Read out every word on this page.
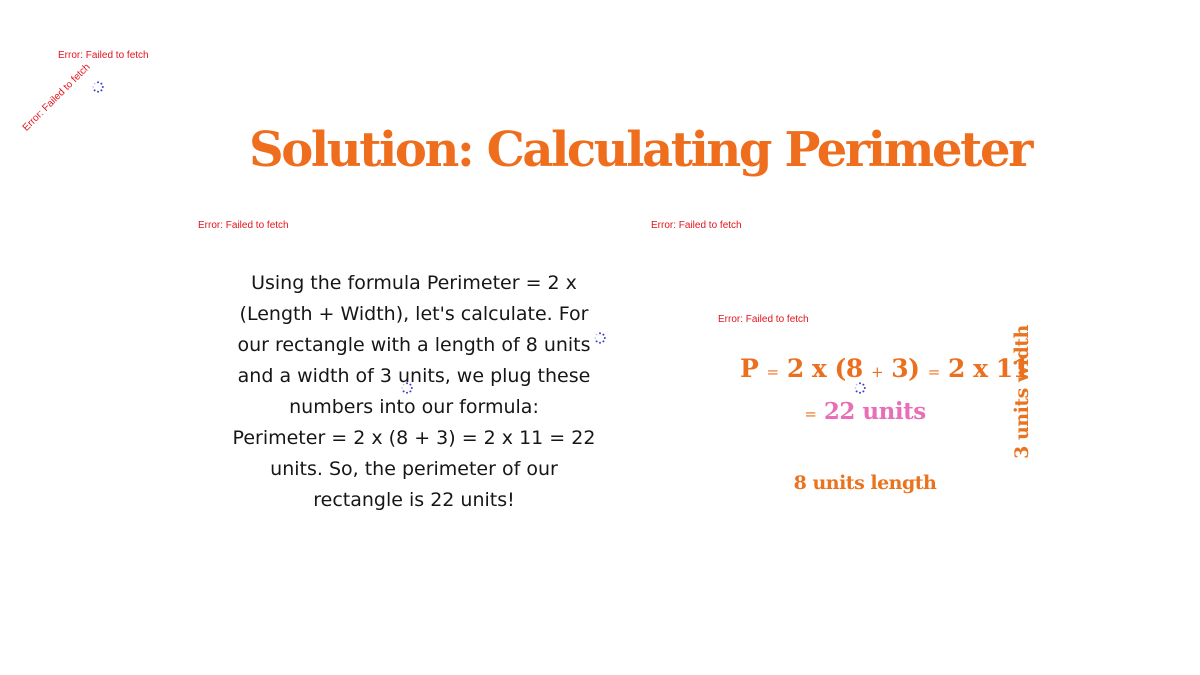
Error: Failed to fetch
Error: Failed to fetch
Error: Failed to fetch	Error: Failed to fetch
Error: Failed to fetch
Solution: Calculating Perimeter

Using the formula Perimeter = 2 x (Length + Width), let's calculate. For our rectangle with a length of 8 units and a width of 3 units, we plug these numbers into our formula:

Perimeter = 2 x (8 + 3) = 2 x 11 = 22 units. So, the perimeter of our rectangle is 22 units!

P = 2 x (8 + 3) = 2 x 11
= 22 units
8 units length
3 units width
